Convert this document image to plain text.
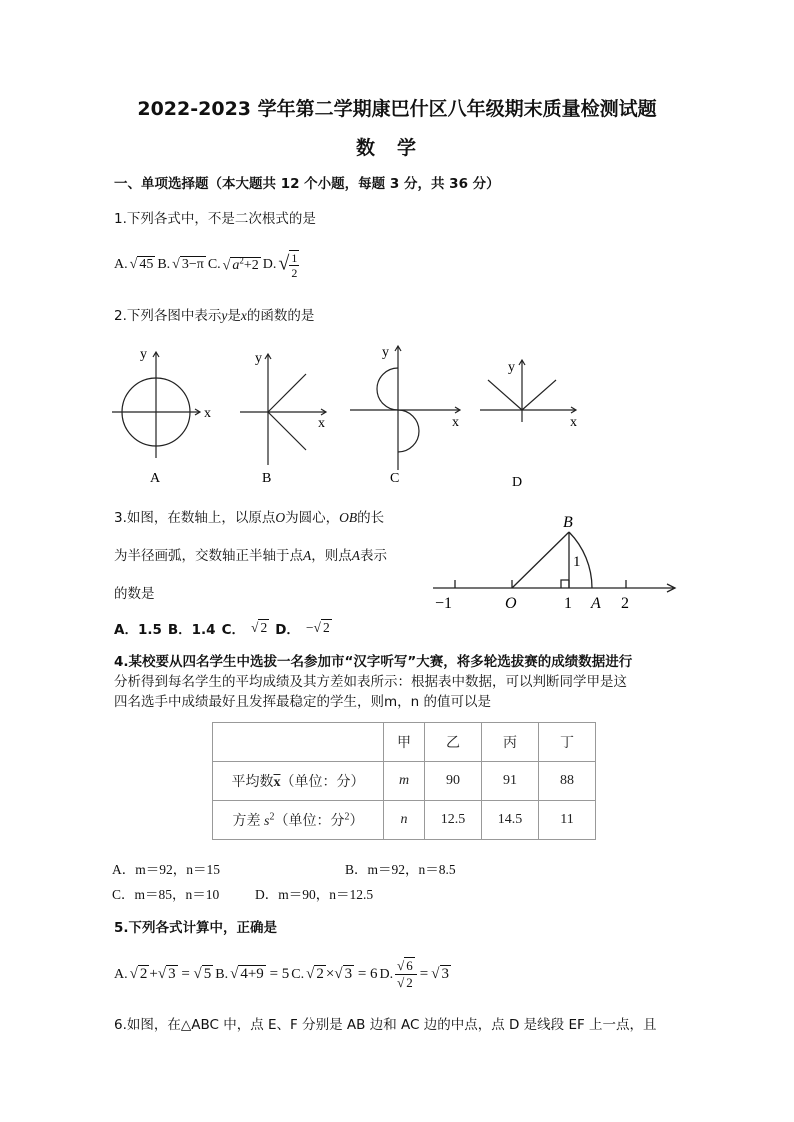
2022-2023 学年第二学期康巴什区八年级期末质量检测试题
数学
一、单项选择题（本大题共 12 个小题，每题 3 分，共 36 分）
1.下列各式中，不是二次根式的是
A. √ 45 B. √ 3−π C. √ $a^2+2$ D. √ $\frac{1}{2}$
2.下列各图中表示y是x的函数的是
x
y
A
x
y
B
x
y
C
x
y
D
3.如图，在数轴上，以原点O为圆心，OB的长
为半径画弧，交数轴正半轴于点A，则点A表示
的数是
A．1.5 B．1.4 C． √ 2 D． −√ 2
B
1
−1	O	1 A 2
4.某校要从四名学生中选拔一名参加市“汉字听写”大赛，将多轮选拔赛的成绩数据进行
分析得到每名学生的平均成绩及其方差如表所示：根据表中数据，可以判断同学甲是这
四名选手中成绩最好且发挥最稳定的学生，则m，n 的值可以是
	甲	乙	丙	丁
平均数$\overline{x}$（单位：分）	m	90	91	88
方差 $s^2$（单位：分$^2$）	n	12.5	14.5	11
A．m＝92，n＝15	B．m＝92，n＝8.5
C．m＝85，n＝10	D．m＝90，n＝12.5
5.下列各式计算中，正确是
A. √ 2 +√ 3 = √ 5 B. √ 4+9 = 5 C. √ 2 ×√ 3 = 6 D. $\frac{√ 6}{√ 2}$ = √ 3
6.如图，在△ABC 中，点 E、F 分别是 AB 边和 AC 边的中点，点 D 是线段 EF 上一点，且
